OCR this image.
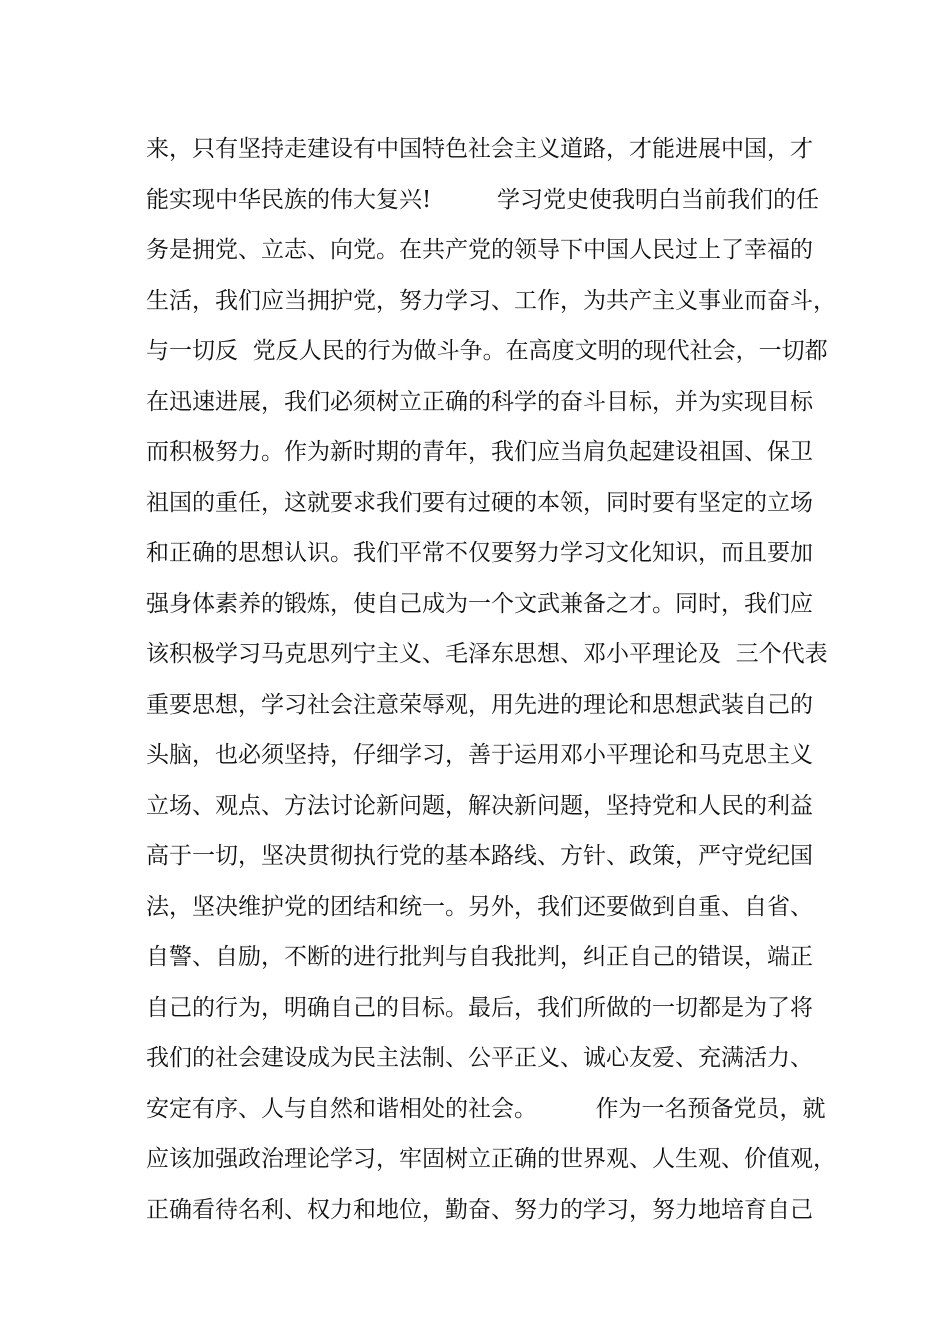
来，只有坚持走建设有中国特色社会主义道路，才能进展中国，才
能实现中华民族的伟大复兴!         学习党史使我明白当前我们的任
务是拥党、立志、向党。在共产党的领导下中国人民过上了幸福的
生活，我们应当拥护党，努力学习、工作，为共产主义事业而奋斗，
与一切反  党反人民的行为做斗争。在高度文明的现代社会，一切都
在迅速进展，我们必须树立正确的科学的奋斗目标，并为实现目标
而积极努力。作为新时期的青年，我们应当肩负起建设祖国、保卫
祖国的重任，这就要求我们要有过硬的本领，同时要有坚定的立场
和正确的思想认识。我们平常不仅要努力学习文化知识，而且要加
强身体素养的锻炼，使自己成为一个文武兼备之才。同时，我们应
该积极学习马克思列宁主义、毛泽东思想、邓小平理论及  三个代表
重要思想，学习社会注意荣辱观，用先进的理论和思想武装自己的
头脑，也必须坚持，仔细学习，善于运用邓小平理论和马克思主义
立场、观点、方法讨论新问题，解决新问题，坚持党和人民的利益
高于一切，坚决贯彻执行党的基本路线、方针、政策，严守党纪国
法，坚决维护党的团结和统一。另外，我们还要做到自重、自省、
自警、自励，不断的进行批判与自我批判，纠正自己的错误，端正
自己的行为，明确自己的目标。最后，我们所做的一切都是为了将
我们的社会建设成为民主法制、公平正义、诚心友爱、充满活力、
安定有序、人与自然和谐相处的社会。        作为一名预备党员，就
应该加强政治理论学习，牢固树立正确的世界观、人生观、价值观，
正确看待名利、权力和地位，勤奋、努力的学习，努力地培育自己
